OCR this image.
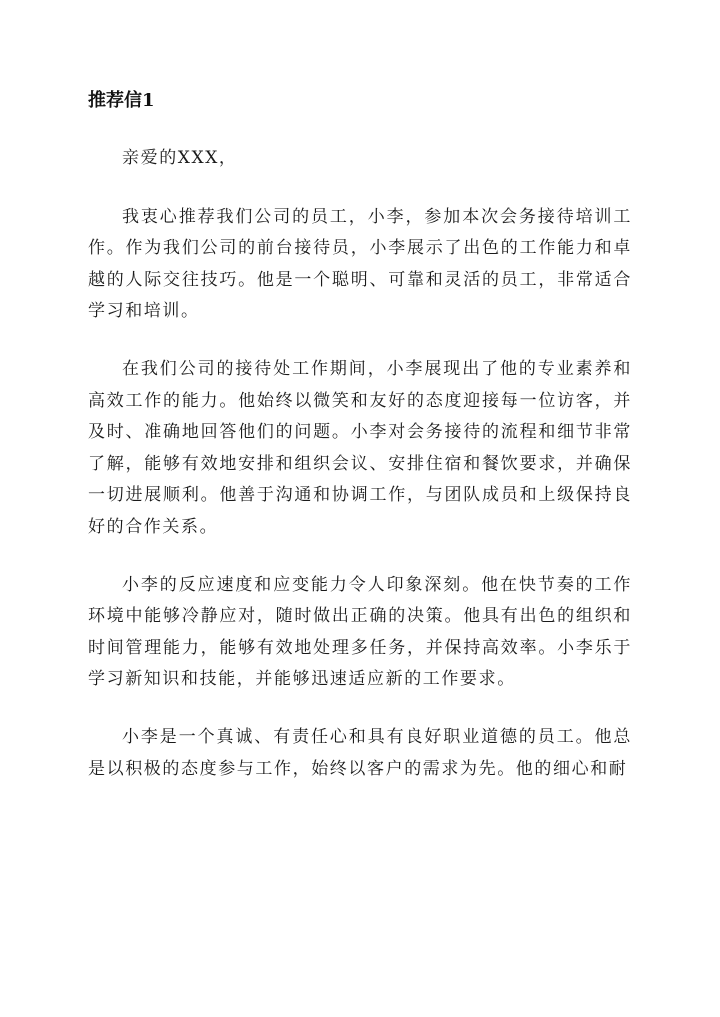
推荐信1

亲爱的XXX，

我衷心推荐我们公司的员工，小李，参加本次会务接待培训工作。作为我们公司的前台接待员，小李展示了出色的工作能力和卓越的人际交往技巧。他是一个聪明、可靠和灵活的员工，非常适合学习和培训。

在我们公司的接待处工作期间，小李展现出了他的专业素养和高效工作的能力。他始终以微笑和友好的态度迎接每一位访客，并及时、准确地回答他们的问题。小李对会务接待的流程和细节非常了解，能够有效地安排和组织会议、安排住宿和餐饮要求，并确保一切进展顺利。他善于沟通和协调工作，与团队成员和上级保持良好的合作关系。

小李的反应速度和应变能力令人印象深刻。他在快节奏的工作环境中能够冷静应对，随时做出正确的决策。他具有出色的组织和时间管理能力，能够有效地处理多任务，并保持高效率。小李乐于学习新知识和技能，并能够迅速适应新的工作要求。

小李是一个真诚、有责任心和具有良好职业道德的员工。他总是以积极的态度参与工作，始终以客户的需求为先。他的细心和耐
